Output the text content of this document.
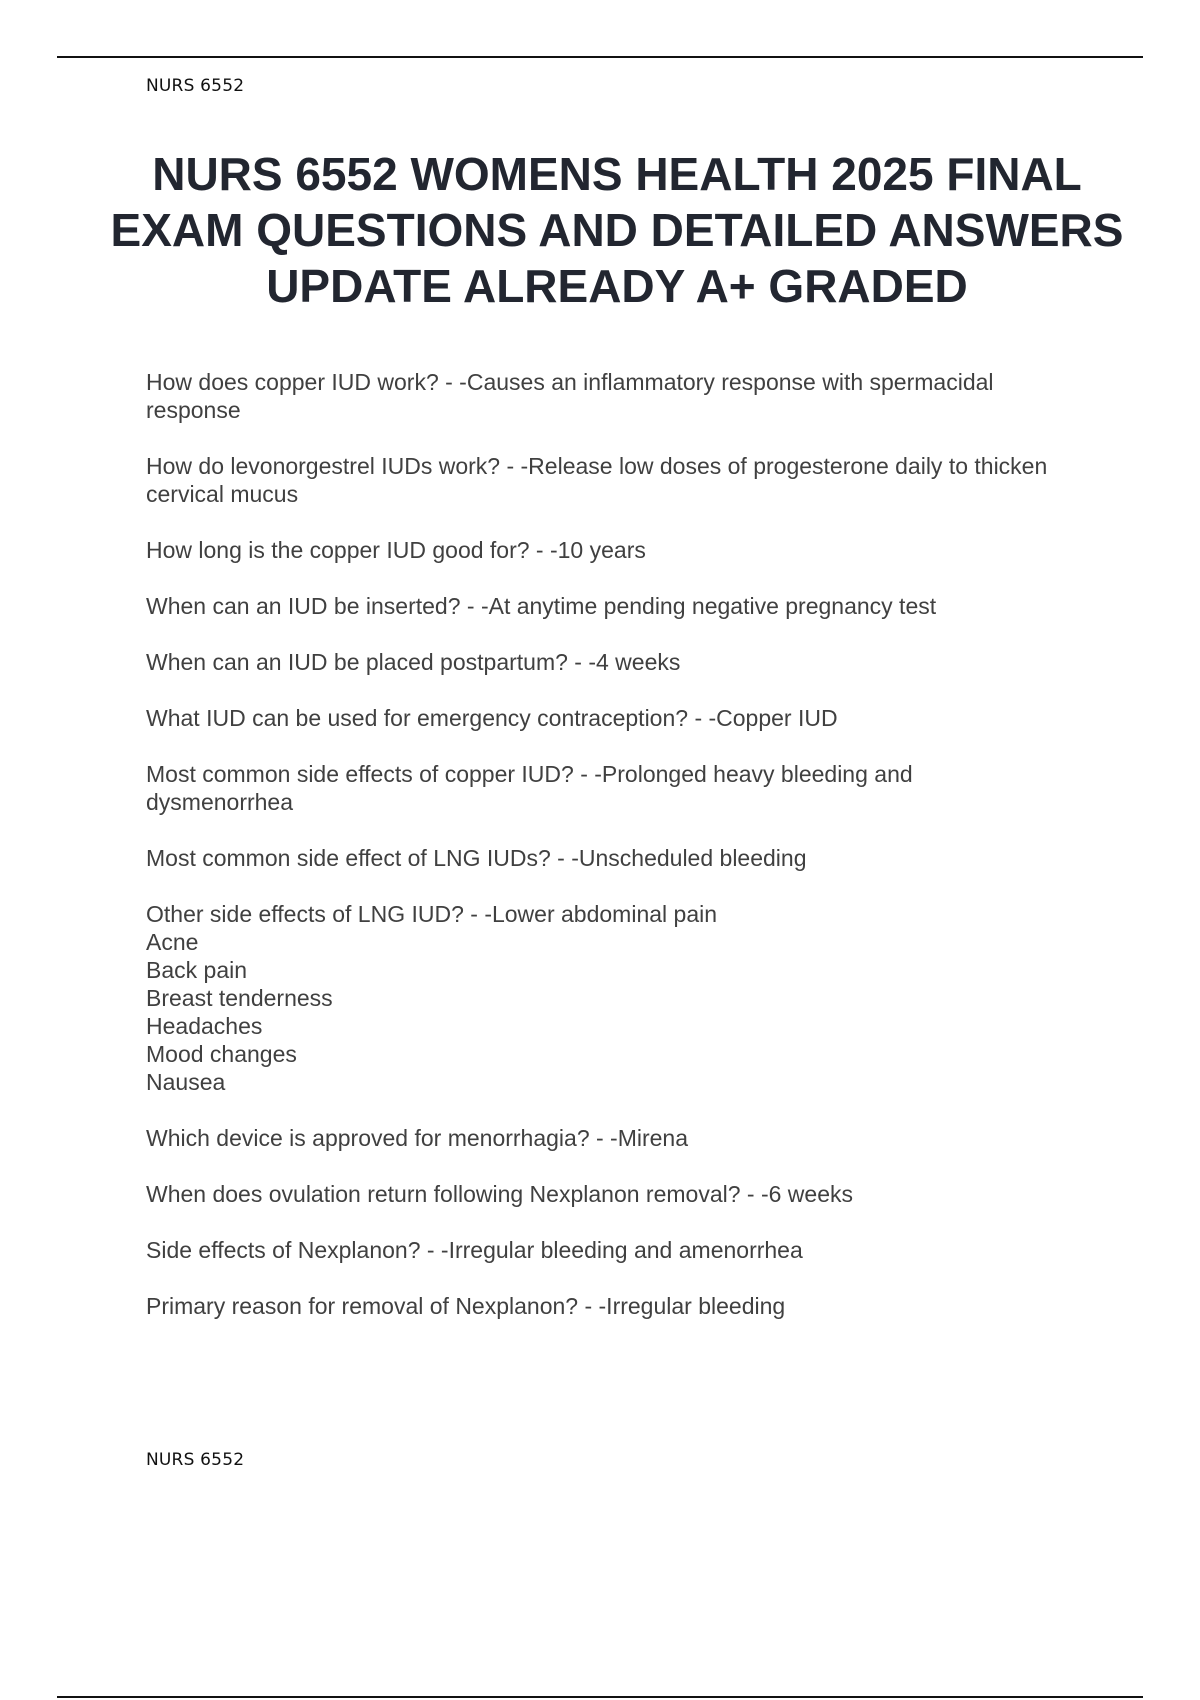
NURS 6552
NURS 6552 WOMENS HEALTH 2025 FINAL EXAM QUESTIONS AND DETAILED ANSWERS UPDATE ALREADY A+ GRADED
How does copper IUD work? - -Causes an inflammatory response with spermacidal response
How do levonorgestrel IUDs work? - -Release low doses of progesterone daily to thicken cervical mucus
How long is the copper IUD good for? - -10 years
When can an IUD be inserted? - -At anytime pending negative pregnancy test
When can an IUD be placed postpartum? - -4 weeks
What IUD can be used for emergency contraception? - -Copper IUD
Most common side effects of copper IUD? - -Prolonged heavy bleeding and dysmenorrhea
Most common side effect of LNG IUDs? - -Unscheduled bleeding
Other side effects of LNG IUD? - -Lower abdominal pain
Acne
Back pain
Breast tenderness
Headaches
Mood changes
Nausea
Which device is approved for menorrhagia? - -Mirena
When does ovulation return following Nexplanon removal? - -6 weeks
Side effects of Nexplanon? - -Irregular bleeding and amenorrhea
Primary reason for removal of Nexplanon? - -Irregular bleeding
NURS 6552
